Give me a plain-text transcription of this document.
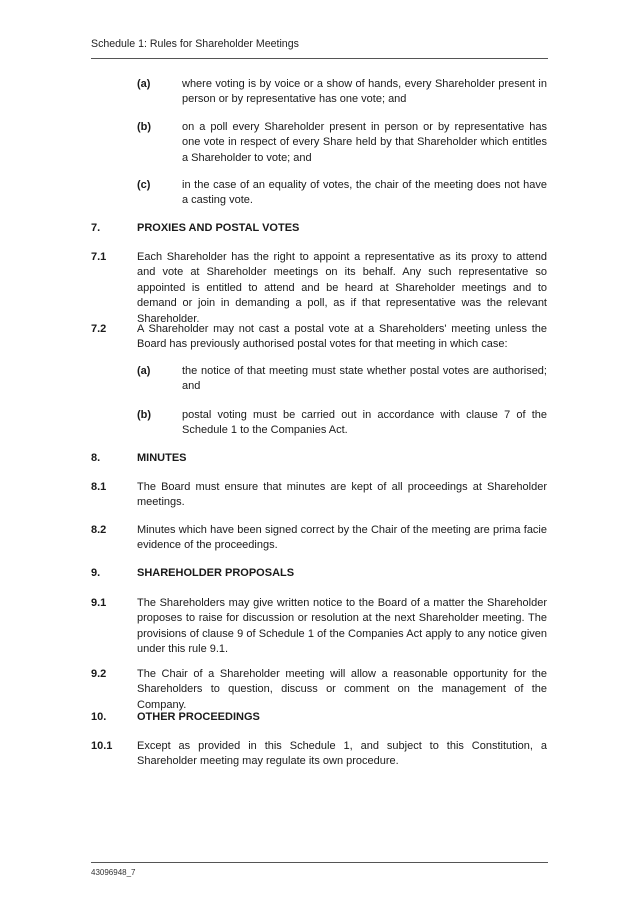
Schedule 1: Rules for Shareholder Meetings
(a)	where voting is by voice or a show of hands, every Shareholder present in person or by representative has one vote; and
(b)	on a poll every Shareholder present in person or by representative has one vote in respect of every Share held by that Shareholder which entitles a Shareholder to vote; and
(c)	in the case of an equality of votes, the chair of the meeting does not have a casting vote.
7.	PROXIES AND POSTAL VOTES
7.1	Each Shareholder has the right to appoint a representative as its proxy to attend and vote at Shareholder meetings on its behalf. Any such representative so appointed is entitled to attend and be heard at Shareholder meetings and to demand or join in demanding a poll, as if that representative was the relevant Shareholder.
7.2	A Shareholder may not cast a postal vote at a Shareholders' meeting unless the Board has previously authorised postal votes for that meeting in which case:
(a)	the notice of that meeting must state whether postal votes are authorised; and
(b)	postal voting must be carried out in accordance with clause 7 of the Schedule 1 to the Companies Act.
8.	MINUTES
8.1	The Board must ensure that minutes are kept of all proceedings at Shareholder meetings.
8.2	Minutes which have been signed correct by the Chair of the meeting are prima facie evidence of the proceedings.
9.	SHAREHOLDER PROPOSALS
9.1	The Shareholders may give written notice to the Board of a matter the Shareholder proposes to raise for discussion or resolution at the next Shareholder meeting. The provisions of clause 9 of Schedule 1 of the Companies Act apply to any notice given under this rule 9.1.
9.2	The Chair of a Shareholder meeting will allow a reasonable opportunity for the Shareholders to question, discuss or comment on the management of the Company.
10.	OTHER PROCEEDINGS
10.1 Except as provided in this Schedule 1, and subject to this Constitution, a Shareholder meeting may regulate its own procedure.
43096948_7
